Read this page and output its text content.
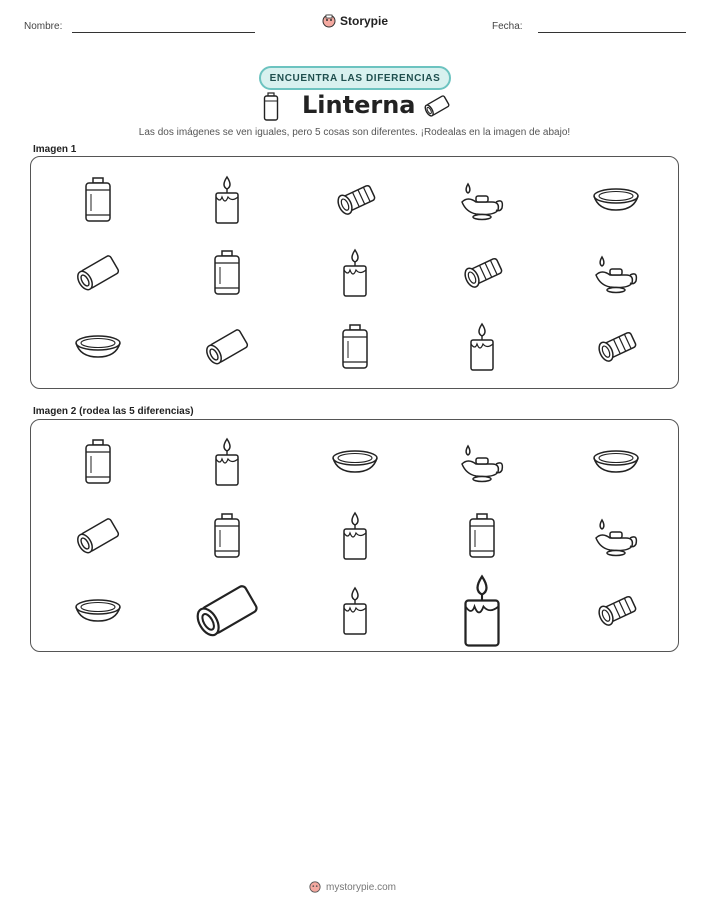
Nombre:	Storypie	Fecha:
ENCUENTRA LAS DIFERENCIAS
Linterna
Las dos imágenes se ven iguales, pero 5 cosas son diferentes. ¡Rodealas en la imagen de abajo!
Imagen 1
Imagen 2 (rodea las 5 diferencias)
mystorypie.com
